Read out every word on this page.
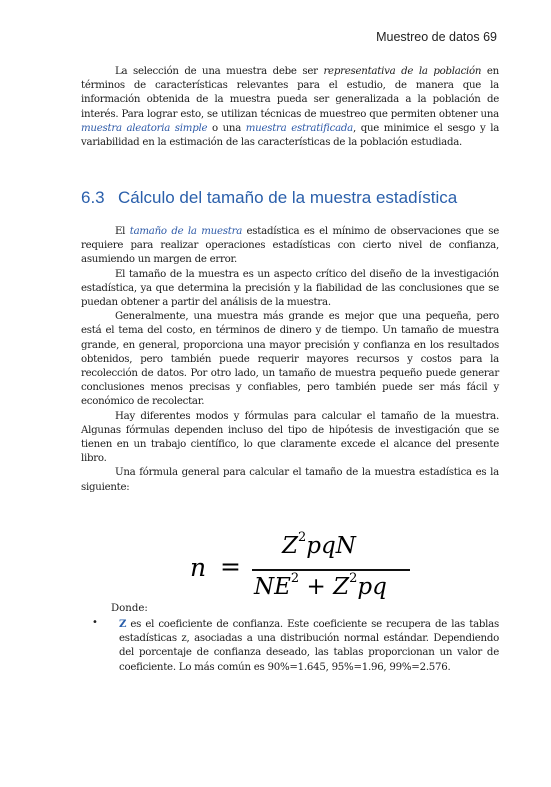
Muestreo de datos 69

La selección de una muestra debe ser representativa de la población en términos de características relevantes para el estudio, de manera que la información obtenida de la muestra pueda ser generalizada a la población de interés. Para lograr esto, se utilizan técnicas de muestreo que permiten obtener una muestra aleatoria simple o una muestra estratificada, que minimice el sesgo y la variabilidad en la estimación de las características de la población estudiada.

6.3 Cálculo del tamaño de la muestra estadística

El tamaño de la muestra estadística es el mínimo de observaciones que se requiere para realizar operaciones estadísticas con cierto nivel de confianza, asumiendo un margen de error.

El tamaño de la muestra es un aspecto crítico del diseño de la investigación estadística, ya que determina la precisión y la fiabilidad de las conclusiones que se puedan obtener a partir del análisis de la muestra.

Generalmente, una muestra más grande es mejor que una pequeña, pero está el tema del costo, en términos de dinero y de tiempo. Un tamaño de muestra grande, en general, proporciona una mayor precisión y confianza en los resultados obtenidos, pero también puede requerir mayores recursos y costos para la recolección de datos. Por otro lado, un tamaño de muestra pequeño puede generar conclusiones menos precisas y confiables, pero también puede ser más fácil y económico de recolectar.

Hay diferentes modos y fórmulas para calcular el tamaño de la muestra. Algunas fórmulas dependen incluso del tipo de hipótesis de investigación que se tienen en un trabajo científico, lo que claramente excede el alcance del presente libro.

Una fórmula general para calcular el tamaño de la muestra estadística es la siguiente:

n =
$Z^2pqN$
$NE^2 + Z^2pq$
Donde:
• Z es el coeficiente de confianza. Este coeficiente se recupera de las tablas estadísticas z, asociadas a una distribución normal estándar. Dependiendo del porcentaje de confianza deseado, las tablas proporcionan un valor de coeficiente. Lo más común es 90%=1.645, 95%=1.96, 99%=2.576.
